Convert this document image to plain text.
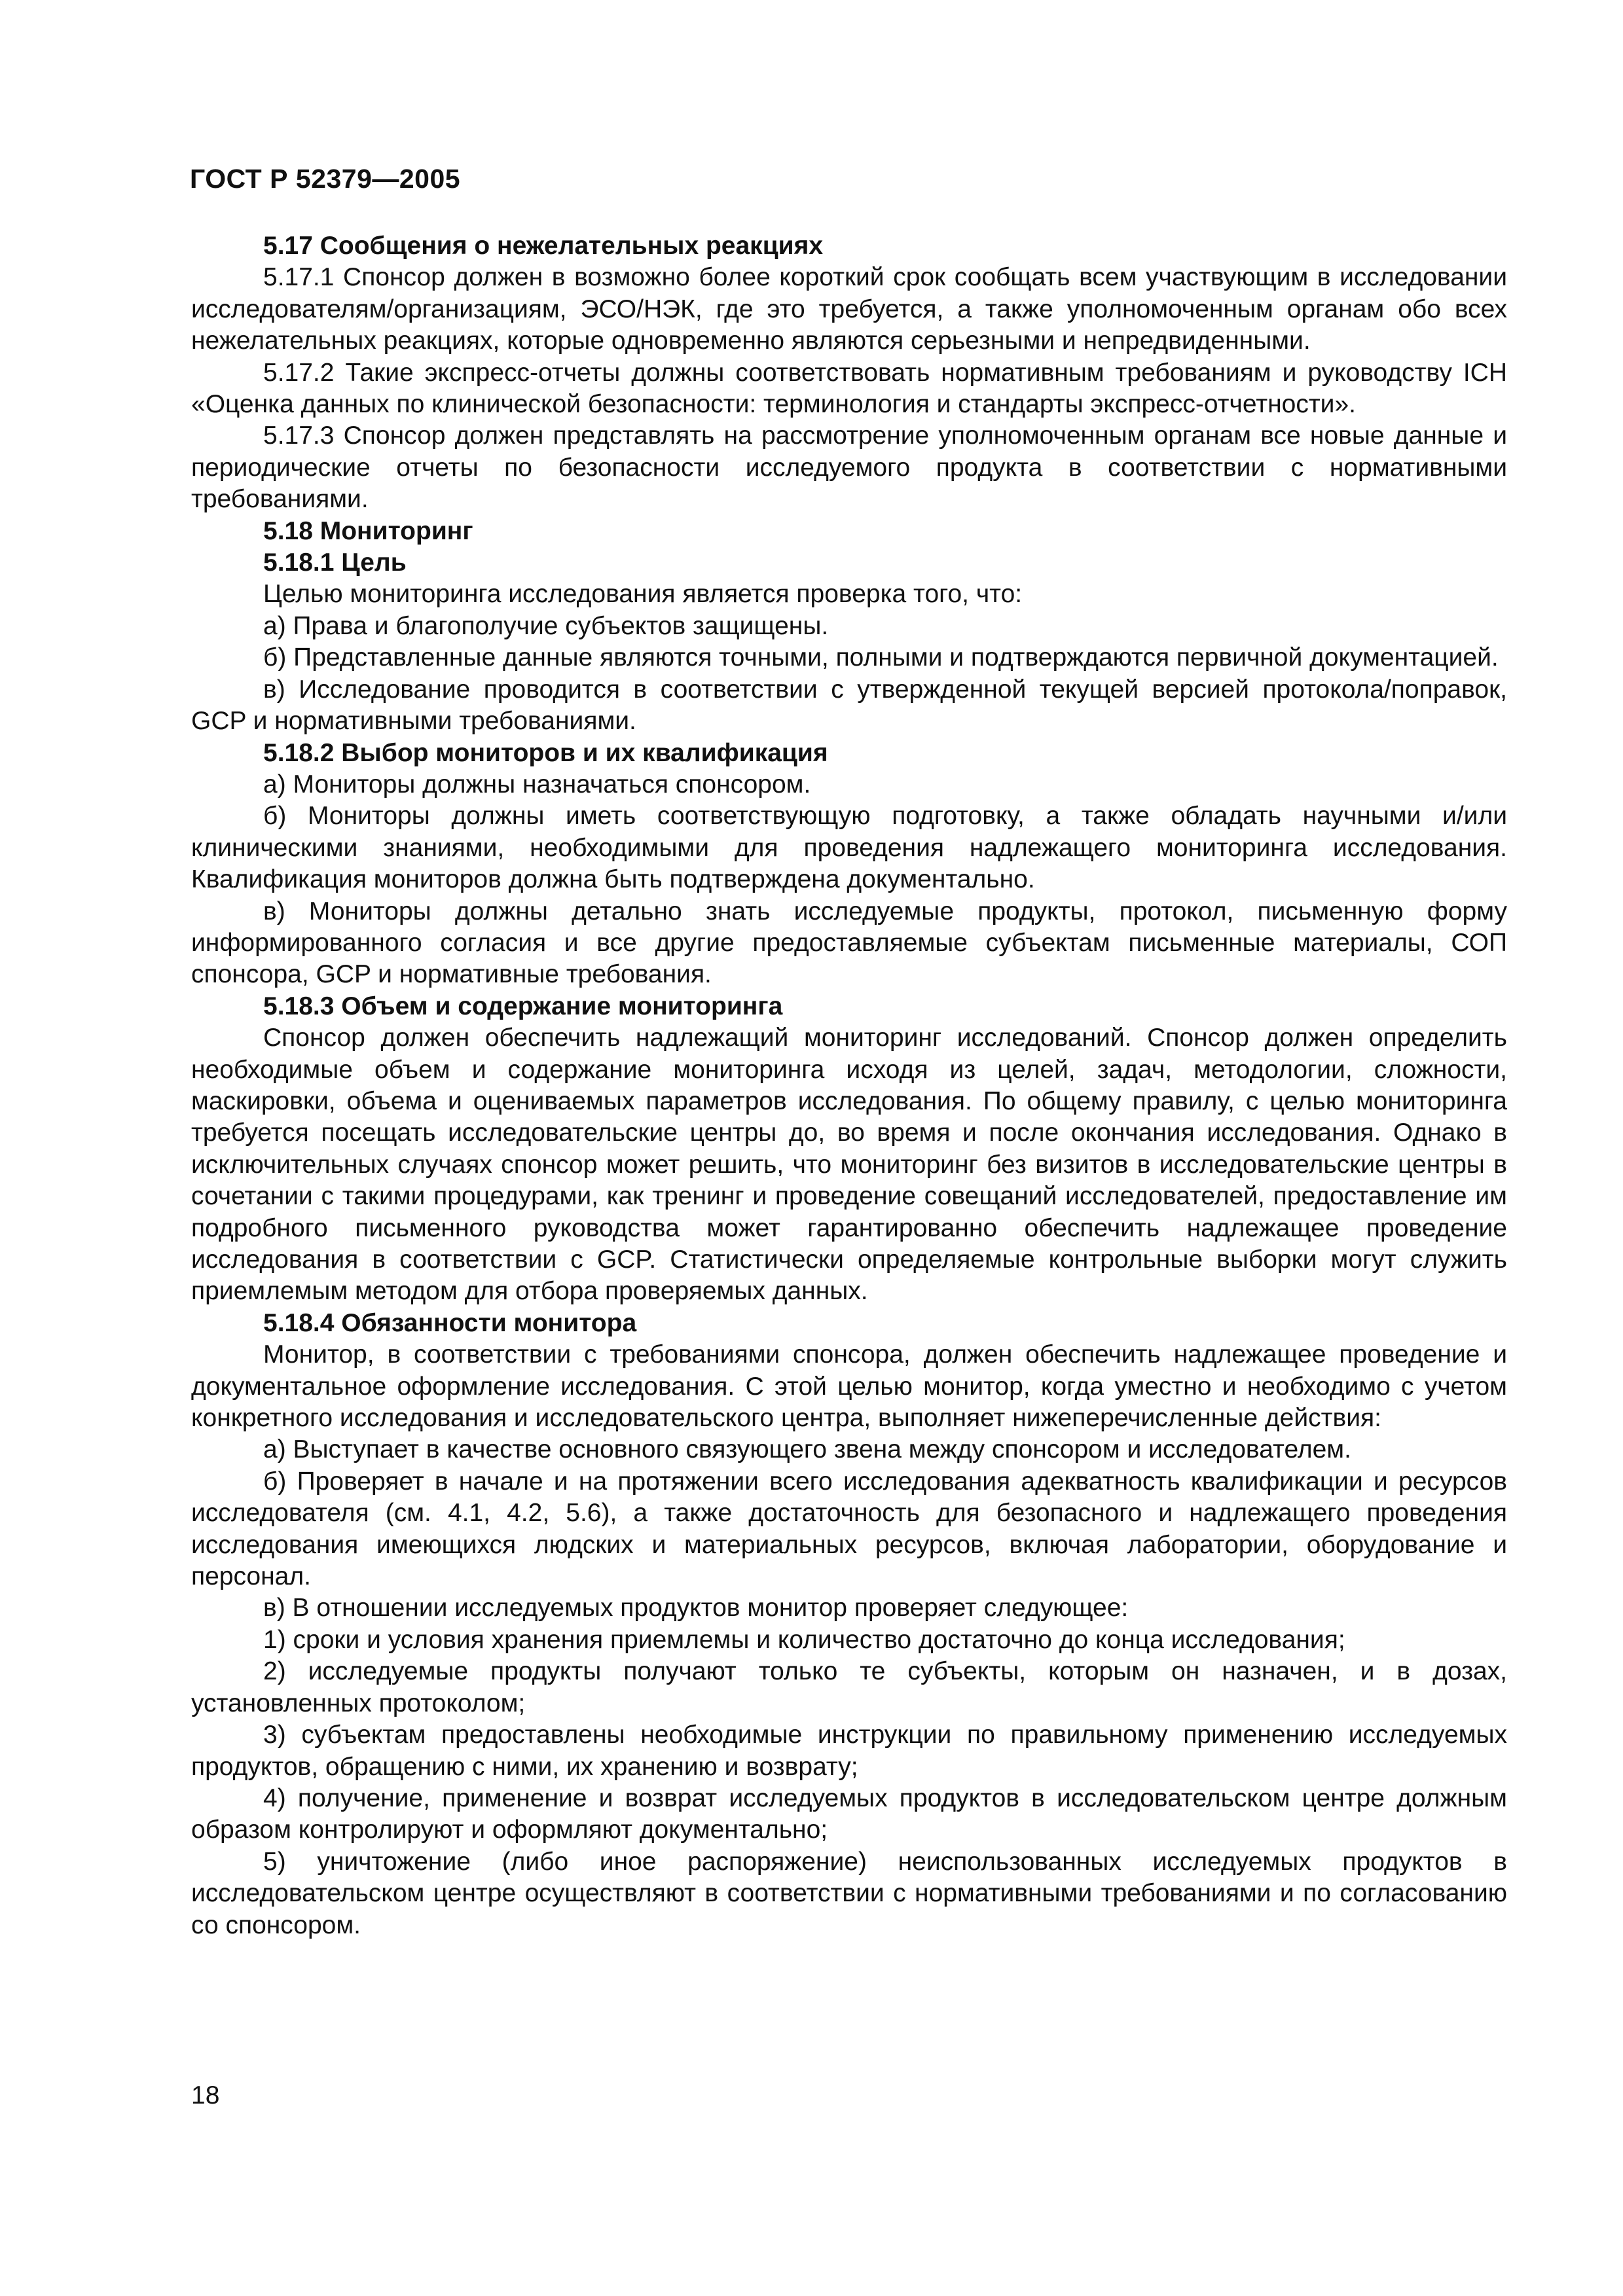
ГОСТ Р 52379—2005
5.17 Сообщения о нежелательных реакциях

5.17.1 Спонсор должен в возможно более короткий срок сообщать всем участвующим в исследовании исследователям/организациям, ЭСО/НЭК, где это требуется, а также уполномоченным органам обо всех нежелательных реакциях, которые одновременно являются серьезными и непредвиденными.

5.17.2 Такие экспресс-отчеты должны соответствовать нормативным требованиям и руководству ICH «Оценка данных по клинической безопасности: терминология и стандарты экспресс-отчетности».

5.17.3 Спонсор должен представлять на рассмотрение уполномоченным органам все новые данные и периодические отчеты по безопасности исследуемого продукта в соответствии с нормативными требованиями.

5.18 Мониторинг
5.18.1 Цель

Целью мониторинга исследования является проверка того, что:

а) Права и благополучие субъектов защищены.

б) Представленные данные являются точными, полными и подтверждаются первичной документацией.

в) Исследование проводится в соответствии с утвержденной текущей версией протокола/поправок, GCP и нормативными требованиями.

5.18.2 Выбор мониторов и их квалификация

а) Мониторы должны назначаться спонсором.

б) Мониторы должны иметь соответствующую подготовку, а также обладать научными и/или клиническими знаниями, необходимыми для проведения надлежащего мониторинга исследования. Квалификация мониторов должна быть подтверждена документально.

в) Мониторы должны детально знать исследуемые продукты, протокол, письменную форму информированного согласия и все другие предоставляемые субъектам письменные материалы, СОП спонсора, GCP и нормативные требования.

5.18.3 Объем и содержание мониторинга

Спонсор должен обеспечить надлежащий мониторинг исследований. Спонсор должен определить необходимые объем и содержание мониторинга исходя из целей, задач, методологии, сложности, маскировки, объема и оцениваемых параметров исследования. По общему правилу, с целью мониторинга требуется посещать исследовательские центры до, во время и после окончания исследования. Однако в исключительных случаях спонсор может решить, что мониторинг без визитов в исследовательские центры в сочетании с такими процедурами, как тренинг и проведение совещаний исследователей, предоставление им подробного письменного руководства может гарантированно обеспечить надлежащее проведение исследования в соответствии с GCP. Статистически определяемые контрольные выборки могут служить приемлемым методом для отбора проверяемых данных.

5.18.4 Обязанности монитора

Монитор, в соответствии с требованиями спонсора, должен обеспечить надлежащее проведение и документальное оформление исследования. С этой целью монитор, когда уместно и необходимо с учетом конкретного исследования и исследовательского центра, выполняет нижеперечисленные действия:

а) Выступает в качестве основного связующего звена между спонсором и исследователем.

б) Проверяет в начале и на протяжении всего исследования адекватность квалификации и ресурсов исследователя (см. 4.1, 4.2, 5.6), а также достаточность для безопасного и надлежащего проведения исследования имеющихся людских и материальных ресурсов, включая лаборатории, оборудование и персонал.

в) В отношении исследуемых продуктов монитор проверяет следующее:

1) сроки и условия хранения приемлемы и количество достаточно до конца исследования;

2) исследуемые продукты получают только те субъекты, которым он назначен, и в дозах, установленных протоколом;

3) субъектам предоставлены необходимые инструкции по правильному применению исследуемых продуктов, обращению с ними, их хранению и возврату;

4) получение, применение и возврат исследуемых продуктов в исследовательском центре должным образом контролируют и оформляют документально;

5) уничтожение (либо иное распоряжение) неиспользованных исследуемых продуктов в исследовательском центре осуществляют в соответствии с нормативными требованиями и по согласованию со спонсором.

18
